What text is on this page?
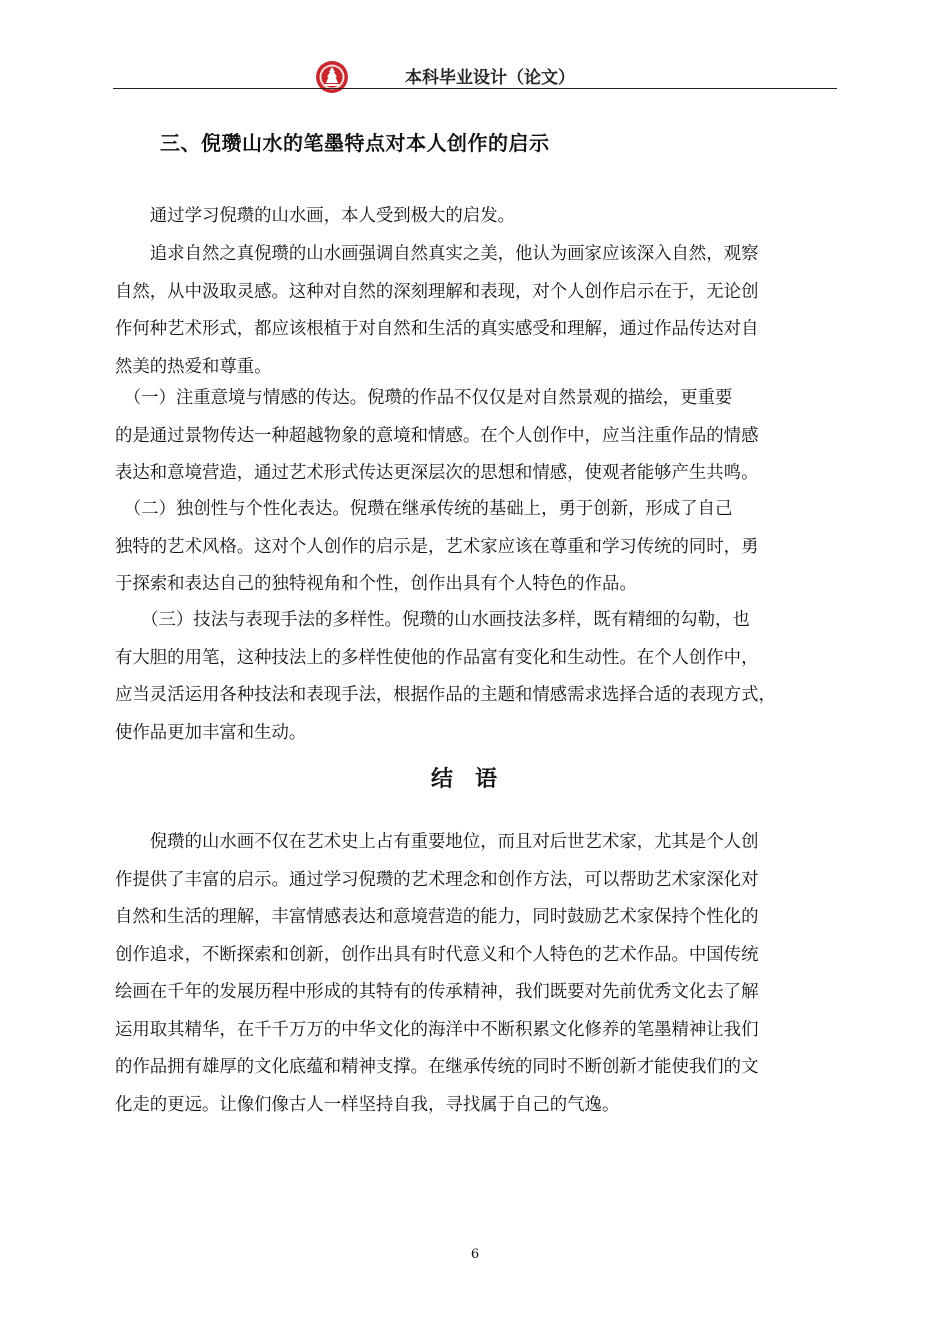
本科毕业设计（论文）
三、倪瓒山水的笔墨特点对本人创作的启示

　　通过学习倪瓒的山水画，本人受到极大的启发。

　　追求自然之真倪瓒的山水画强调自然真实之美，他认为画家应该深入自然，观察
自然，从中汲取灵感。这种对自然的深刻理解和表现，对个人创作启示在于，无论创
作何种艺术形式，都应该根植于对自然和生活的真实感受和理解，通过作品传达对自
然美的热爱和尊重。

　（一）注重意境与情感的传达。倪瓒的作品不仅仅是对自然景观的描绘，更重要
的是通过景物传达一种超越物象的意境和情感。在个人创作中，应当注重作品的情感
表达和意境营造，通过艺术形式传达更深层次的思想和情感，使观者能够产生共鸣。

　（二）独创性与个性化表达。倪瓒在继承传统的基础上，勇于创新，形成了自己
独特的艺术风格。这对个人创作的启示是，艺术家应该在尊重和学习传统的同时，勇
于探索和表达自己的独特视角和个性，创作出具有个人特色的作品。

　　（三）技法与表现手法的多样性。倪瓒的山水画技法多样，既有精细的勾勒，也
有大胆的用笔，这种技法上的多样性使他的作品富有变化和生动性。在个人创作中，
应当灵活运用各种技法和表现手法，根据作品的主题和情感需求选择合适的表现方式，
使作品更加丰富和生动。

结语

　　倪瓒的山水画不仅在艺术史上占有重要地位，而且对后世艺术家，尤其是个人创
作提供了丰富的启示。通过学习倪瓒的艺术理念和创作方法，可以帮助艺术家深化对
自然和生活的理解，丰富情感表达和意境营造的能力，同时鼓励艺术家保持个性化的
创作追求，不断探索和创新，创作出具有时代意义和个人特色的艺术作品。中国传统
绘画在千年的发展历程中形成的其特有的传承精神，我们既要对先前优秀文化去了解
运用取其精华，在千千万万的中华文化的海洋中不断积累文化修养的笔墨精神让我们
的作品拥有雄厚的文化底蕴和精神支撑。在继承传统的同时不断创新才能使我们的文
化走的更远。让像们像古人一样坚持自我，寻找属于自己的气逸。

6
